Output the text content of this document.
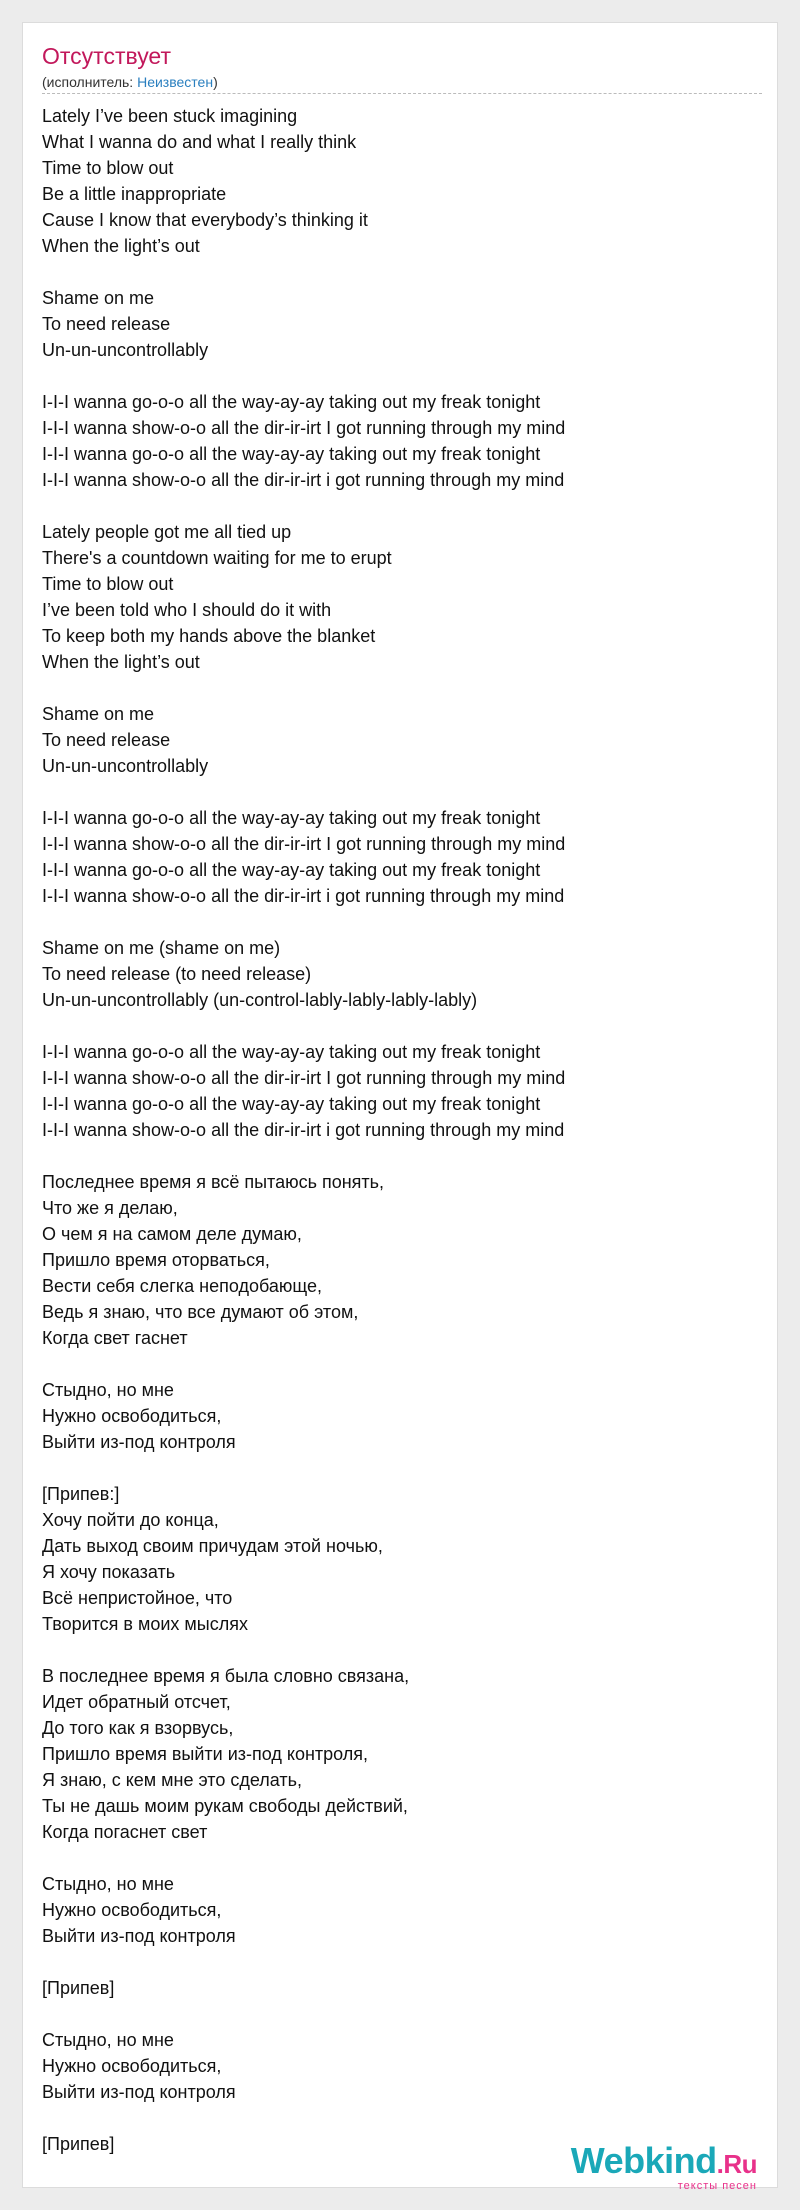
Отсутствует
(исполнитель: Неизвестен)
Lately I’ve been stuck imagining
What I wanna do and what I really think
Time to blow out
Be a little inappropriate
Cause I know that everybody’s thinking it
When the light’s out
Shame on me
To need release
Un-un-uncontrollably
I-I-I wanna go-o-o all the way-ay-ay taking out my freak tonight
I-I-I wanna show-o-o all the dir-ir-irt I got running through my mind
I-I-I wanna go-o-o all the way-ay-ay taking out my freak tonight
I-I-I wanna show-o-o all the dir-ir-irt i got running through my mind
Lately people got me all tied up
There's a countdown waiting for me to erupt
Time to blow out
I’ve been told who I should do it with
To keep both my hands above the blanket
When the light’s out
Shame on me
To need release
Un-un-uncontrollably
I-I-I wanna go-o-o all the way-ay-ay taking out my freak tonight
I-I-I wanna show-o-o all the dir-ir-irt I got running through my mind
I-I-I wanna go-o-o all the way-ay-ay taking out my freak tonight
I-I-I wanna show-o-o all the dir-ir-irt i got running through my mind
Shame on me (shame on me)
To need release (to need release)
Un-un-uncontrollably (un-control-lably-lably-lably-lably)
I-I-I wanna go-o-o all the way-ay-ay taking out my freak tonight
I-I-I wanna show-o-o all the dir-ir-irt I got running through my mind
I-I-I wanna go-o-o all the way-ay-ay taking out my freak tonight
I-I-I wanna show-o-o all the dir-ir-irt i got running through my mind
Последнее время я всё пытаюсь понять,
Что же я делаю,
О чем я на самом деле думаю,
Пришло время оторваться,
Вести себя слегка неподобающе,
Ведь я знаю, что все думают об этом,
Когда свет гаснет
Стыдно, но мне
Нужно освободиться,
Выйти из-под контроля
[Припев:]
Хочу пойти до конца,
Дать выход своим причудам этой ночью,
Я хочу показать
Всё непристойное, что
Творится в моих мыслях
В последнее время я была словно связана,
Идет обратный отсчет,
До того как я взорвусь,
Пришло время выйти из-под контроля,
Я знаю, с кем мне это сделать,
Ты не дашь моим рукам свободы действий,
Когда погаснет свет
Стыдно, но мне
Нужно освободиться,
Выйти из-под контроля
[Припев]
Стыдно, но мне
Нужно освободиться,
Выйти из-под контроля
[Припев]	Webkind.Ru
тексты песен
